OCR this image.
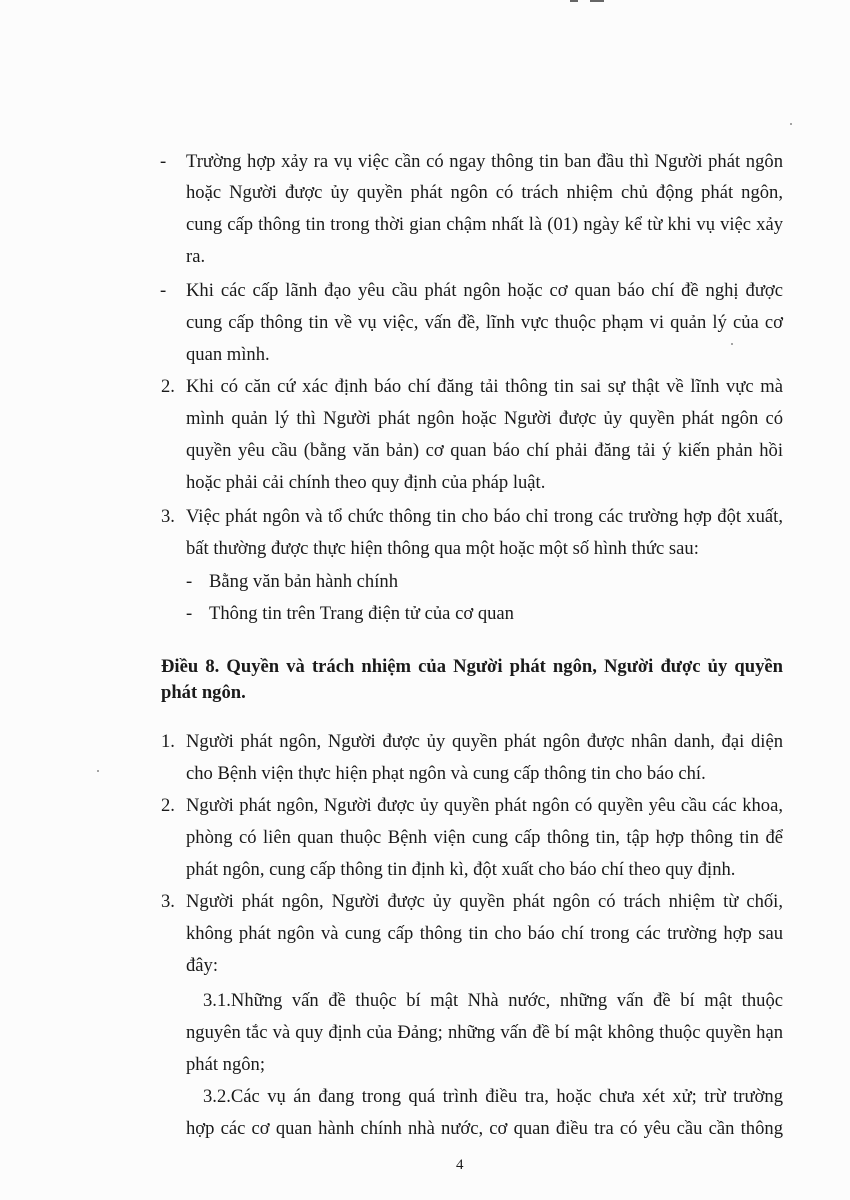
- Trường hợp xảy ra vụ việc cần có ngay thông tin ban đầu thì Người phát ngôn
hoặc Người được ủy quyền phát ngôn có trách nhiệm chủ động phát ngôn,
cung cấp thông tin trong thời gian chậm nhất là (01) ngày kể từ khi vụ việc xảy
ra.
- Khi các cấp lãnh đạo yêu cầu phát ngôn hoặc cơ quan báo chí đề nghị được
cung cấp thông tin về vụ việc, vấn đề, lĩnh vực thuộc phạm vi quản lý của cơ
quan mình.
2. Khi có căn cứ xác định báo chí đăng tải thông tin sai sự thật về lĩnh vực mà
mình quản lý thì Người phát ngôn hoặc Người được ủy quyền phát ngôn có
quyền yêu cầu (bằng văn bản) cơ quan báo chí phải đăng tải ý kiến phản hồi
hoặc phải cải chính theo quy định của pháp luật.
3. Việc phát ngôn và tổ chức thông tin cho báo chỉ trong các trường hợp đột xuất,
bất thường được thực hiện thông qua một hoặc một số hình thức sau:
- Bằng văn bản hành chính
- Thông tin trên Trang điện tử của cơ quan
Điều 8. Quyền và trách nhiệm của Người phát ngôn, Người được ủy quyền
phát ngôn.
1. Người phát ngôn, Người được ủy quyền phát ngôn được nhân danh, đại diện
cho Bệnh viện thực hiện phạt ngôn và cung cấp thông tin cho báo chí.
2. Người phát ngôn, Người được ủy quyền phát ngôn có quyền yêu cầu các khoa,
phòng có liên quan thuộc Bệnh viện cung cấp thông tin, tập hợp thông tin để
phát ngôn, cung cấp thông tin định kì, đột xuất cho báo chí theo quy định.
3. Người phát ngôn, Người được ủy quyền phát ngôn có trách nhiệm từ chối,
không phát ngôn và cung cấp thông tin cho báo chí trong các trường hợp sau
đây:
3.1.Những vấn đề thuộc bí mật Nhà nước, những vấn đề bí mật thuộc
nguyên tắc và quy định của Đảng; những vấn đề bí mật không thuộc quyền hạn
phát ngôn;
3.2.Các vụ án đang trong quá trình điều tra, hoặc chưa xét xử; trừ trường
hợp các cơ quan hành chính nhà nước, cơ quan điều tra có yêu cầu cần thông
4
